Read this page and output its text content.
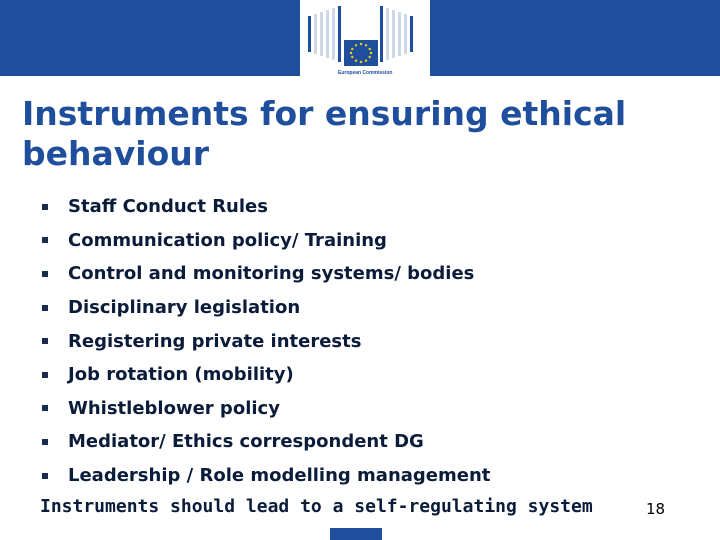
European Commission
Instruments for ensuring ethical behaviour
Staff Conduct Rules
Communication policy/ Training
Control and monitoring systems/ bodies
Disciplinary legislation
Registering private interests
Job rotation (mobility)
Whistleblower policy
Mediator/ Ethics correspondent DG
Leadership / Role modelling management
Instruments should lead to a self-regulating system	18
